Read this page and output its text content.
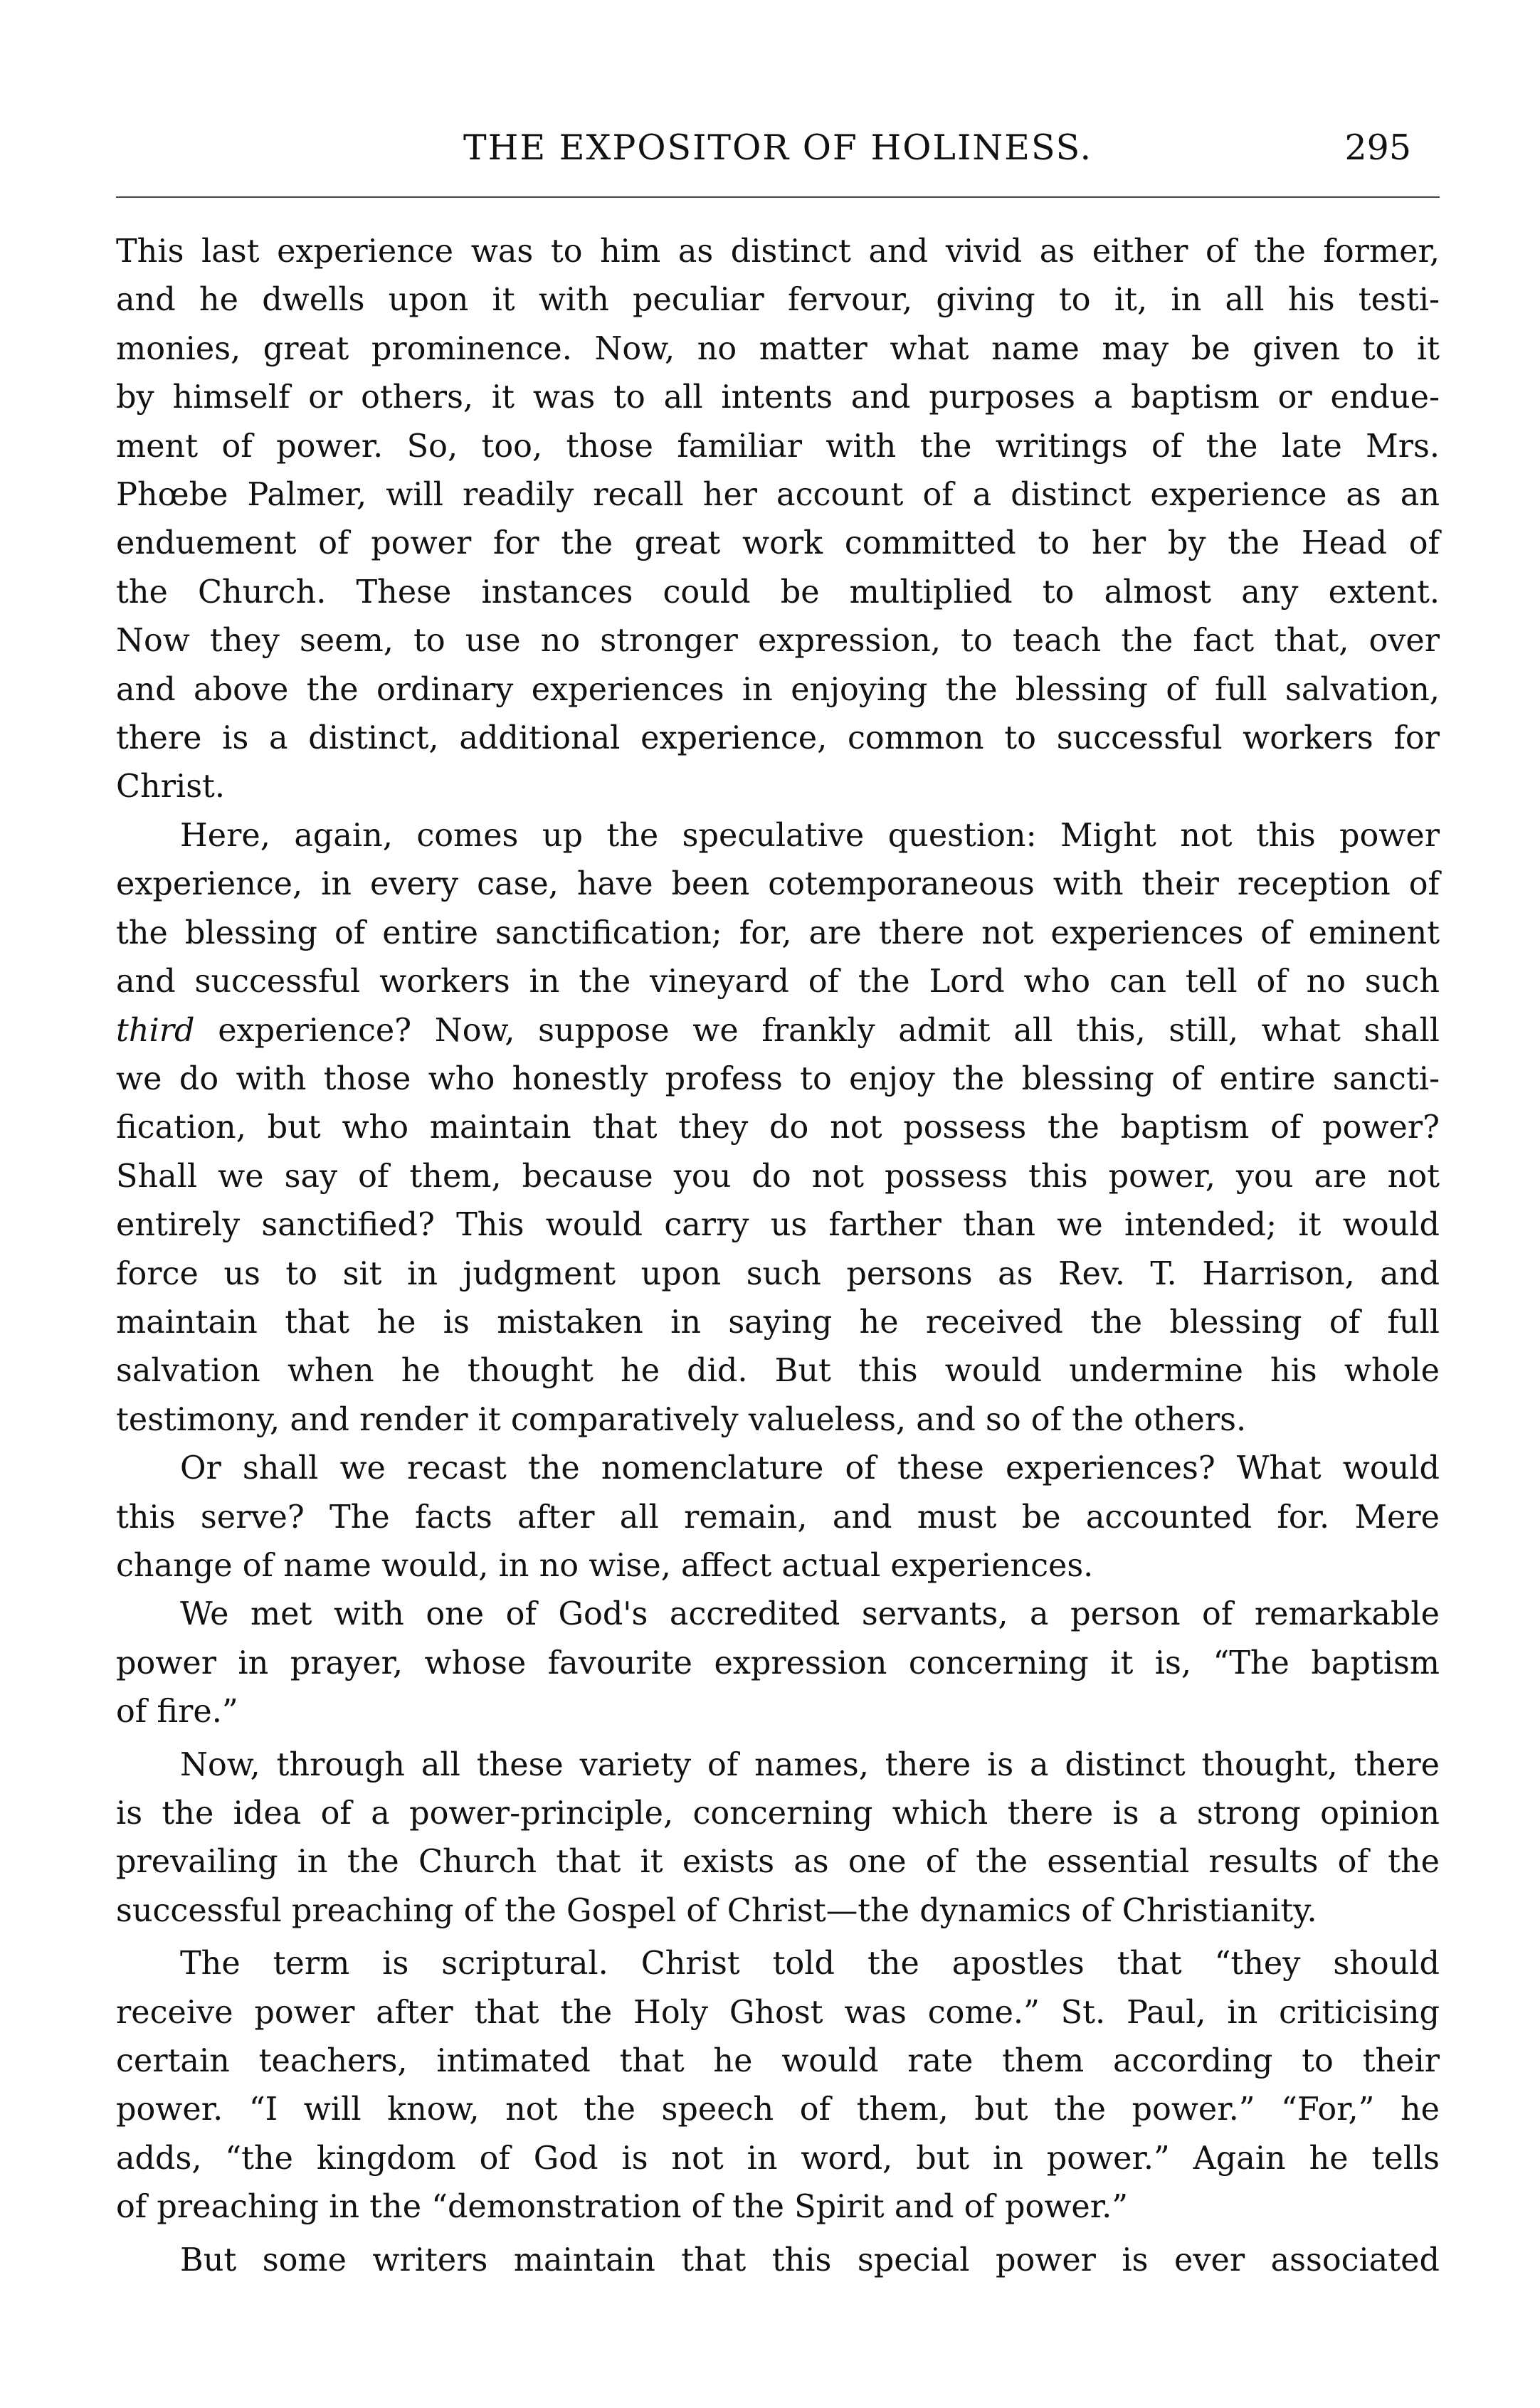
THE EXPOSITOR OF HOLINESS.	295

This last experience was to him as distinct and vivid as either of the former,
and he dwells upon it with peculiar fervour, giving to it, in all his testi-
monies, great prominence. Now, no matter what name may be given to it
by himself or others, it was to all intents and purposes a baptism or endue-
ment of power. So, too, those familiar with the writings of the late Mrs.
Phœbe Palmer, will readily recall her account of a distinct experience as an
enduement of power for the great work committed to her by the Head of
the Church. These instances could be multiplied to almost any extent.
Now they seem, to use no stronger expression, to teach the fact that, over
and above the ordinary experiences in enjoying the blessing of full salvation,
there is a distinct, additional experience, common to successful workers for
Christ.

Here, again, comes up the speculative question: Might not this power
experience, in every case, have been cotemporaneous with their reception of
the blessing of entire sanctification; for, are there not experiences of eminent
and successful workers in the vineyard of the Lord who can tell of no such
third experience? Now, suppose we frankly admit all this, still, what shall
we do with those who honestly profess to enjoy the blessing of entire sancti-
fication, but who maintain that they do not possess the baptism of power?
Shall we say of them, because you do not possess this power, you are not
entirely sanctified? This would carry us farther than we intended; it would
force us to sit in judgment upon such persons as Rev. T. Harrison, and
maintain that he is mistaken in saying he received the blessing of full
salvation when he thought he did. But this would undermine his whole
testimony, and render it comparatively valueless, and so of the others.

Or shall we recast the nomenclature of these experiences? What would
this serve? The facts after all remain, and must be accounted for. Mere
change of name would, in no wise, affect actual experiences.

We met with one of God's accredited servants, a person of remarkable
power in prayer, whose favourite expression concerning it is, “The baptism
of fire.”

Now, through all these variety of names, there is a distinct thought, there
is the idea of a power-principle, concerning which there is a strong opinion
prevailing in the Church that it exists as one of the essential results of the
successful preaching of the Gospel of Christ—the dynamics of Christianity.

The term is scriptural. Christ told the apostles that “they should
receive power after that the Holy Ghost was come.” St. Paul, in criticising
certain teachers, intimated that he would rate them according to their
power. “I will know, not the speech of them, but the power.” “For,” he
adds, “the kingdom of God is not in word, but in power.” Again he tells
of preaching in the “demonstration of the Spirit and of power.”

But some writers maintain that this special power is ever associated
